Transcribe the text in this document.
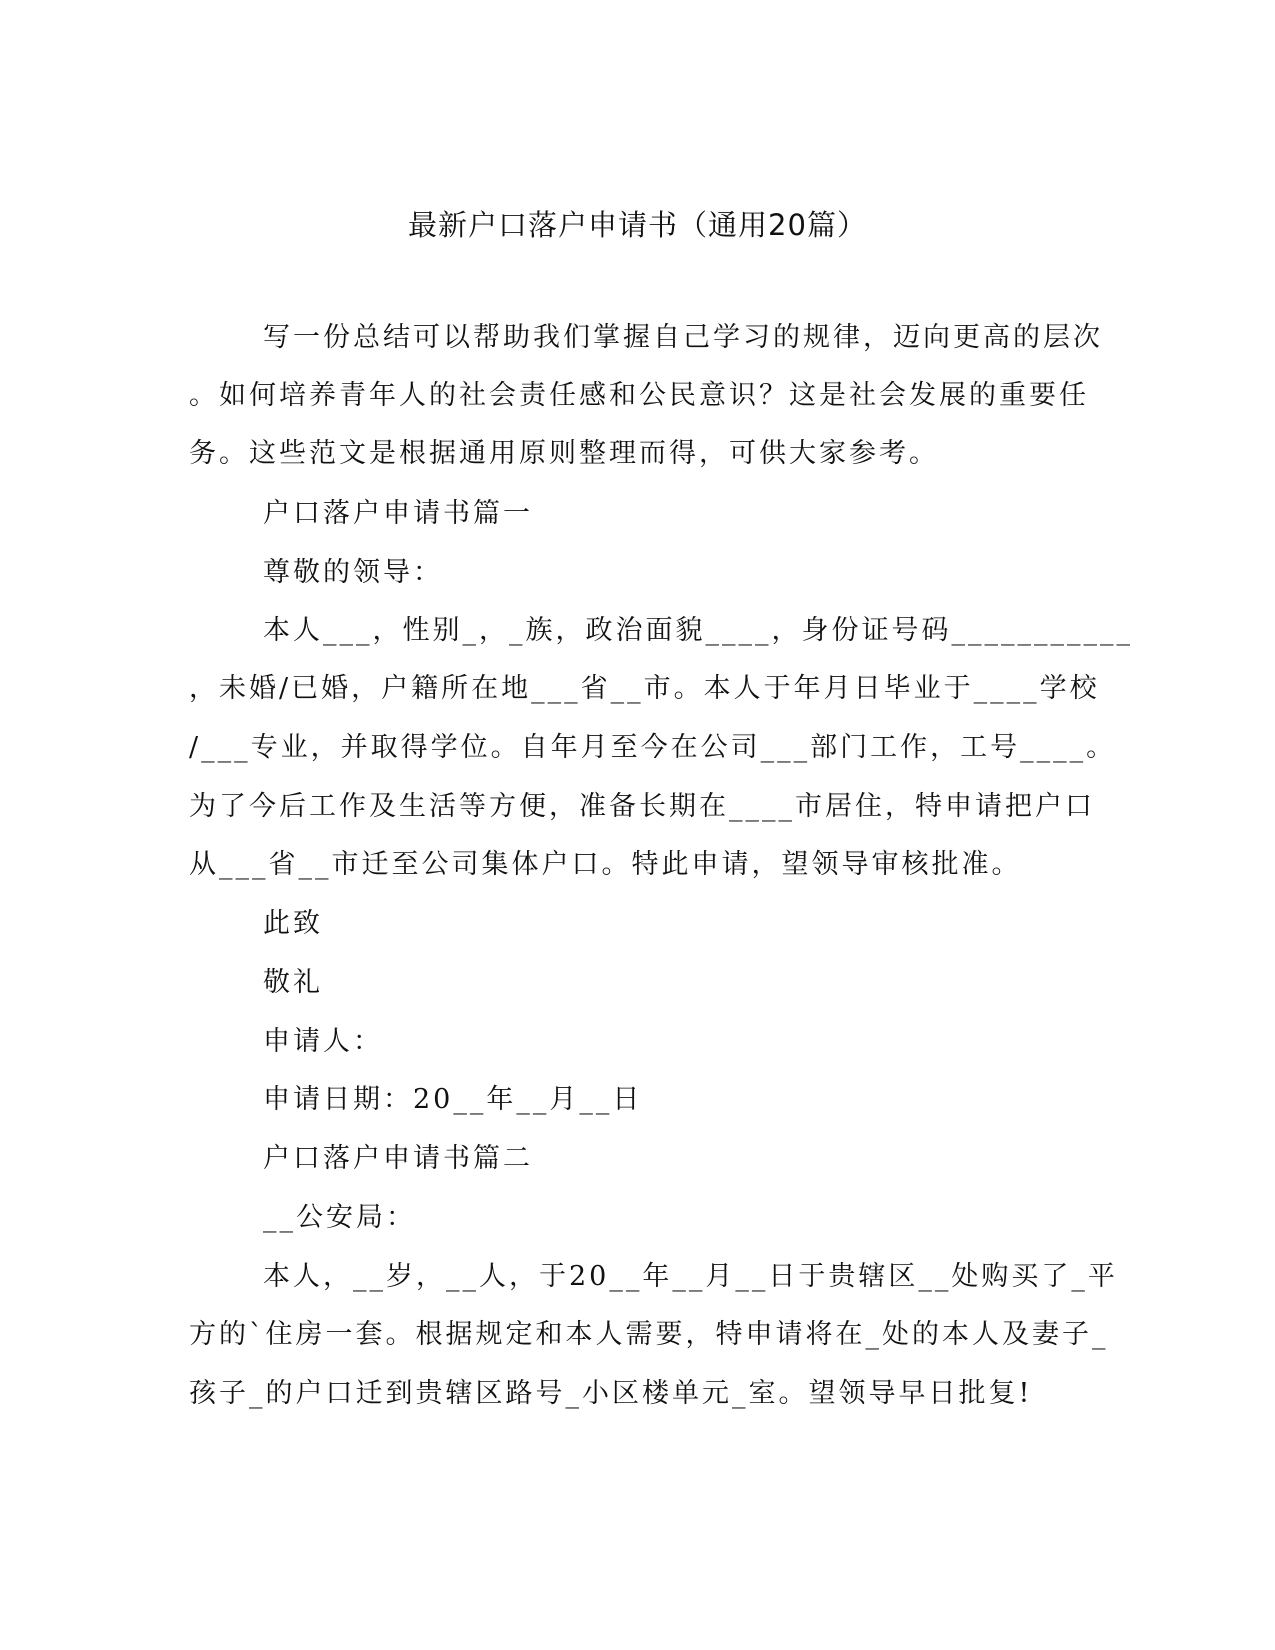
最新户口落户申请书（通用20篇）
写一份总结可以帮助我们掌握自己学习的规律，迈向更高的层次
。如何培养青年人的社会责任感和公民意识？这是社会发展的重要任
务。这些范文是根据通用原则整理而得，可供大家参考。
户口落户申请书篇一
尊敬的领导：
本人___，性别_，_族，政治面貌____，身份证号码___________
，未婚/已婚，户籍所在地___省__市。本人于年月日毕业于____学校
/___专业，并取得学位。自年月至今在公司___部门工作，工号____。
为了今后工作及生活等方便，准备长期在____市居住，特申请把户口
从___省__市迁至公司集体户口。特此申请，望领导审核批准。
此致
敬礼
申请人：
申请日期：20__年__月__日
户口落户申请书篇二
__公安局：
本人，__岁，__人，于20__年__月__日于贵辖区__处购买了_平
方的`住房一套。根据规定和本人需要，特申请将在_处的本人及妻子_
孩子_的户口迁到贵辖区路号_小区楼单元_室。望领导早日批复!
